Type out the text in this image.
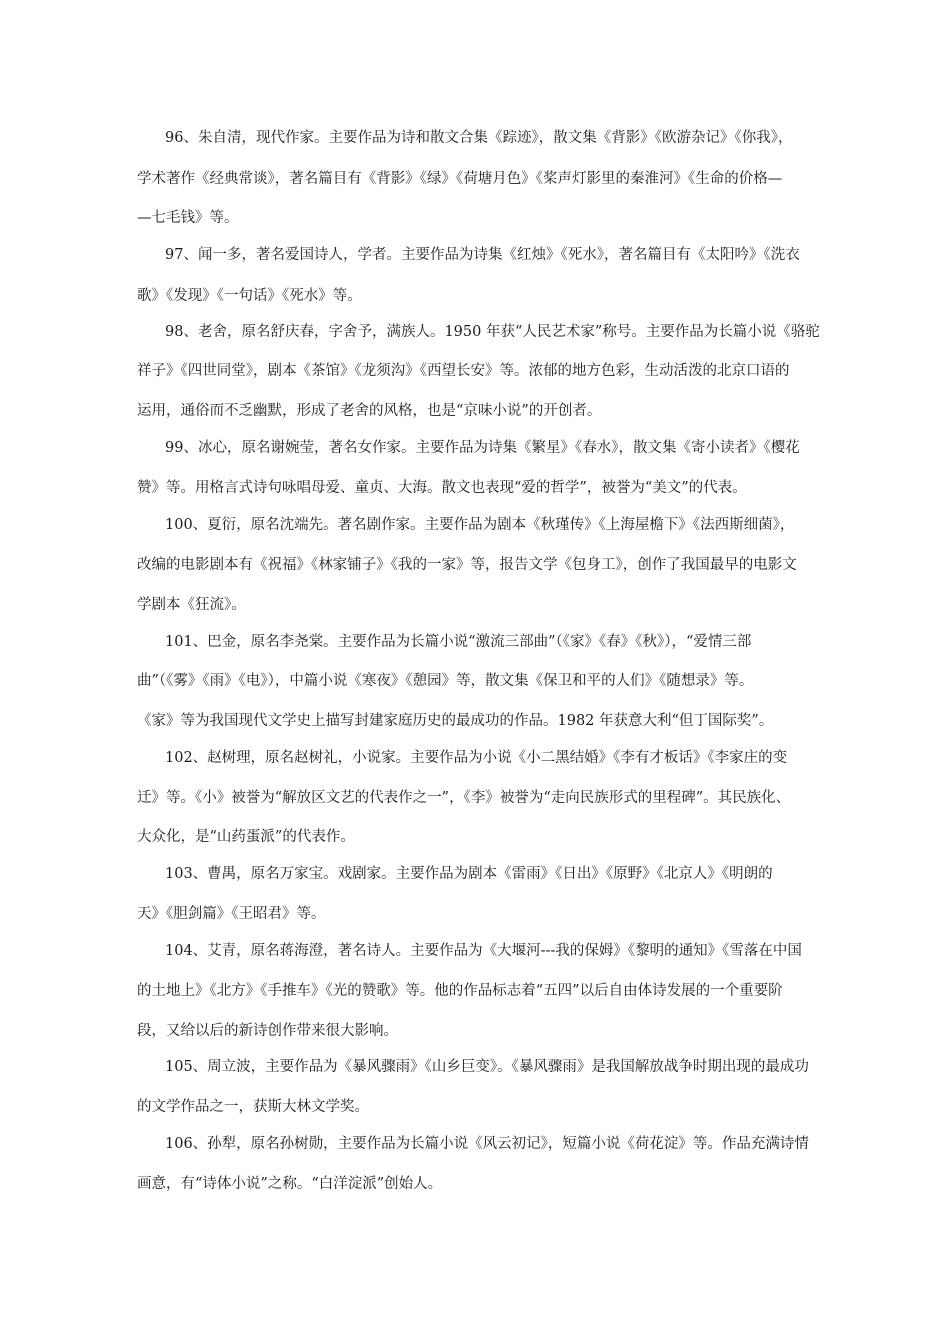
96、朱自清，现代作家。主要作品为诗和散文合集《踪迹》，散文集《背影》《欧游杂记》《你我》，
学术著作《经典常谈》，著名篇目有《背影》《绿》《荷塘月色》《桨声灯影里的秦淮河》《生命的价格—
—七毛钱》等。
97、闻一多，著名爱国诗人，学者。主要作品为诗集《红烛》《死水》，著名篇目有《太阳吟》《洗衣
歌》《发现》《一句话》《死水》等。
98、老舍，原名舒庆春，字舍予，满族人。1950 年获“人民艺术家”称号。主要作品为长篇小说《骆驼
祥子》《四世同堂》，剧本《茶馆》《龙须沟》《西望长安》等。浓郁的地方色彩，生动活泼的北京口语的
运用，通俗而不乏幽默，形成了老舍的风格，也是“京味小说”的开创者。
99、冰心，原名谢婉莹，著名女作家。主要作品为诗集《繁星》《春水》，散文集《寄小读者》《樱花
赞》等。用格言式诗句咏唱母爱、童贞、大海。散文也表现“爱的哲学”，被誉为“美文”的代表。
100、夏衍，原名沈端先。著名剧作家。主要作品为剧本《秋瑾传》《上海屋檐下》《法西斯细菌》，
改编的电影剧本有《祝福》《林家铺子》《我的一家》等，报告文学《包身工》，创作了我国最早的电影文
学剧本《狂流》。
101、巴金，原名李尧棠。主要作品为长篇小说“激流三部曲”（《家》《春》《秋》），“爱情三部
曲”（《雾》《雨》《电》），中篇小说《寒夜》《憩园》等，散文集《保卫和平的人们》《随想录》等。
《家》等为我国现代文学史上描写封建家庭历史的最成功的作品。1982 年获意大利“但丁国际奖”。
102、赵树理，原名赵树礼，小说家。主要作品为小说《小二黑结婚》《李有才板话》《李家庄的变
迁》等。《小》被誉为“解放区文艺的代表作之一”，《李》被誉为“走向民族形式的里程碑”。其民族化、
大众化，是“山药蛋派”的代表作。
103、曹禺，原名万家宝。戏剧家。主要作品为剧本《雷雨》《日出》《原野》《北京人》《明朗的
天》《胆剑篇》《王昭君》等。
104、艾青，原名蒋海澄，著名诗人。主要作品为《大堰河---我的保姆》《黎明的通知》《雪落在中国
的土地上》《北方》《手推车》《光的赞歌》等。他的作品标志着“五四”以后自由体诗发展的一个重要阶
段，又给以后的新诗创作带来很大影响。
105、周立波，主要作品为《暴风骤雨》《山乡巨变》。《暴风骤雨》是我国解放战争时期出现的最成功
的文学作品之一，获斯大林文学奖。
106、孙犁，原名孙树勋，主要作品为长篇小说《风云初记》，短篇小说《荷花淀》等。作品充满诗情
画意，有“诗体小说”之称。“白洋淀派”创始人。
